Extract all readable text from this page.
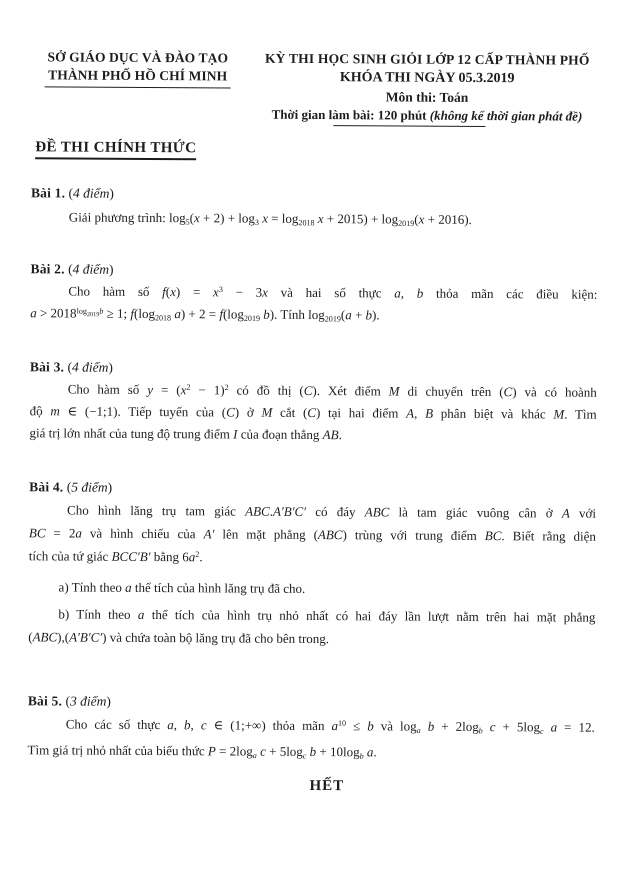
SỞ GIÁO DỤC VÀ ĐÀO TẠO
THÀNH PHỐ HỒ CHÍ MINH
KỲ THI HỌC SINH GIỎI LỚP 12 CẤP THÀNH PHỐ
KHÓA THI NGÀY 05.3.2019
Môn thi: Toán
Thời gian làm bài: 120 phút (không kể thời gian phát đề)
ĐỀ THI CHÍNH THỨC
Bài 1. (4 điểm)
Giải phương trình: $\log_5(x + 2) + \log_3 x = \log_{2018} x + 2015) + \log_{2019}(x + 2016)$.
Bài 2. (4 điểm)
Cho hàm số $f(x) = x^3 - 3x$ và hai số thực a, b thỏa mãn các điều kiện:
$a > 2018^{log_{2019}b} \ge 1$; $f(\log_{2018}$ $a) + 2 = f(\log_{2019}$ b). Tính $\log_{2019}(a + b)$.
Bài 3. (4 điểm)
Cho hàm số $y = (x^2 - 1)^2$ có đồ thị (C). Xét điểm M di chuyển trên (C) và có hoành
độ m ∈ (−1;1). Tiếp tuyến của (C) ở M cắt (C) tại hai điểm A, B phân biệt và khác M. Tìm
giá trị lớn nhất của tung độ trung điểm I của đoạn thẳng AB.
Bài 4. (5 điểm)
Cho hình lăng trụ tam giác ABC.A′B′C′ có đáy ABC là tam giác vuông cân ở A với
BC = 2a và hình chiếu của A′ lên mặt phẳng (ABC) trùng với trung điểm BC. Biết rằng diện
tích của tứ giác BCC′B′ bằng $6a^2$.
a) Tính theo a thể tích của hình lăng trụ đã cho.
b) Tính theo a thể tích của hình trụ nhỏ nhất có hai đáy lần lượt nằm trên hai mặt phẳng
(ABC),(A′B′C′) và chứa toàn bộ lăng trụ đã cho bên trong.
Bài 5. (3 điểm)
Cho các số thực a, b, c ∈ (1;+∞) thỏa mãn $a^{10} \le b$ và $\log_a b + 2\log_b$ $c + 5\log_c$ a = 12.
Tìm giá trị nhỏ nhất của biểu thức $P = 2\log_a$ $c + 5\log_c$ $b + 10\log_b$ a.
HẾT
